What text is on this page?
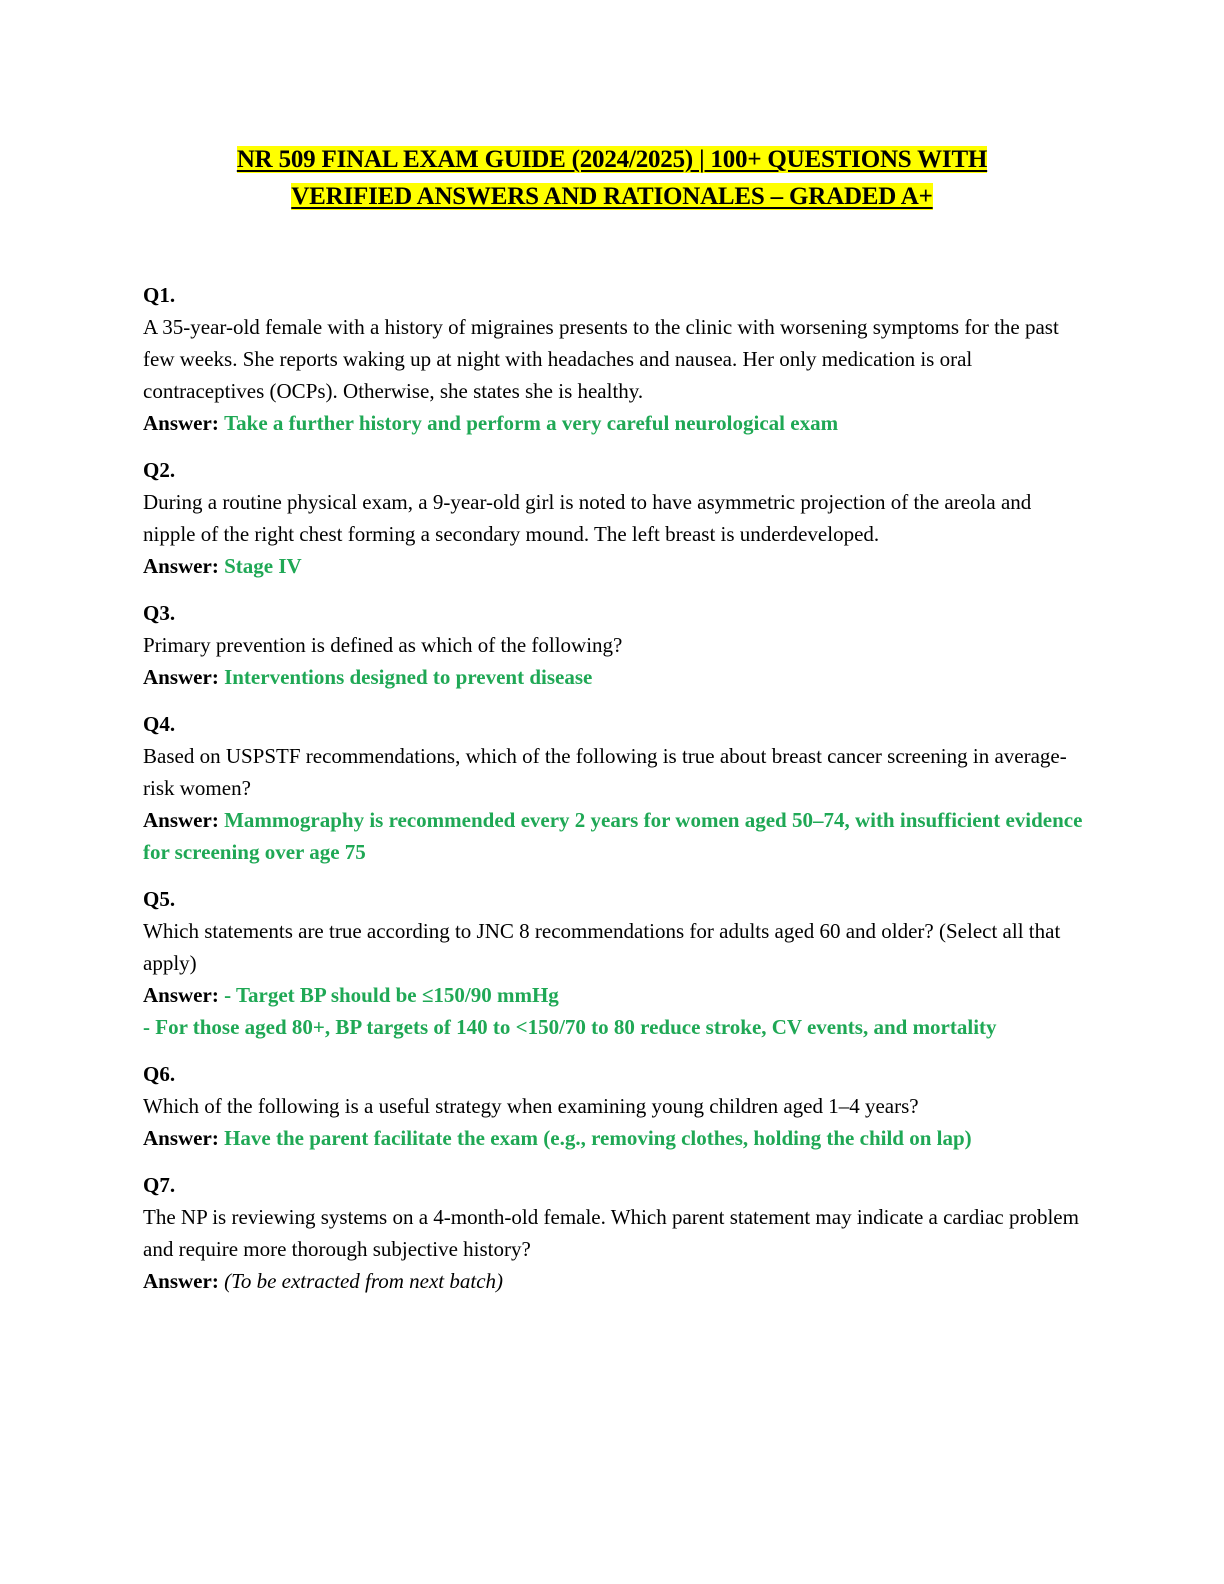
NR 509 FINAL EXAM GUIDE (2024/2025) | 100+ QUESTIONS WITH
VERIFIED ANSWERS AND RATIONALES – GRADED A+
Q1.
A 35-year-old female with a history of migraines presents to the clinic with worsening symptoms for the past few weeks. She reports waking up at night with headaches and nausea. Her only medication is oral contraceptives (OCPs). Otherwise, she states she is healthy.
Answer: Take a further history and perform a very careful neurological exam
Q2.
During a routine physical exam, a 9-year-old girl is noted to have asymmetric projection of the areola and nipple of the right chest forming a secondary mound. The left breast is underdeveloped.
Answer: Stage IV
Q3.
Primary prevention is defined as which of the following?
Answer: Interventions designed to prevent disease
Q4.
Based on USPSTF recommendations, which of the following is true about breast cancer screening in average-risk women?
Answer: Mammography is recommended every 2 years for women aged 50–74, with insufficient evidence for screening over age 75
Q5.
Which statements are true according to JNC 8 recommendations for adults aged 60 and older? (Select all that apply)
Answer: - Target BP should be ≤150/90 mmHg
- For those aged 80+, BP targets of 140 to <150/70 to 80 reduce stroke, CV events, and mortality
Q6.
Which of the following is a useful strategy when examining young children aged 1–4 years?
Answer: Have the parent facilitate the exam (e.g., removing clothes, holding the child on lap)
Q7.
The NP is reviewing systems on a 4-month-old female. Which parent statement may indicate a cardiac problem and require more thorough subjective history?
Answer: (To be extracted from next batch)
